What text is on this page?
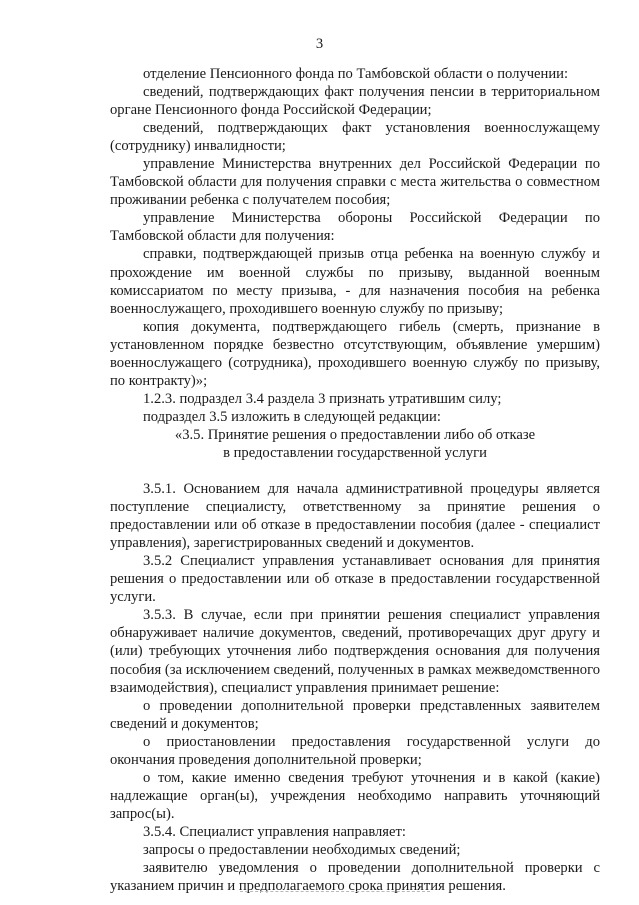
3

отделение Пенсионного фонда по Тамбовской области о получении:

сведений, подтверждающих факт получения пенсии в территориальном органе Пенсионного фонда Российской Федерации;

сведений, подтверждающих факт установления военнослужащему (сотруднику) инвалидности;

управление Министерства внутренних дел Российской Федерации по Тамбовской области для получения справки с места жительства о совместном проживании ребенка с получателем пособия;

управление Министерства обороны Российской Федерации по Тамбовской области для получения:

справки, подтверждающей призыв отца ребенка на военную службу и прохождение им военной службы по призыву, выданной военным комиссариатом по месту призыва, - для назначения пособия на ребенка военнослужащего, проходившего военную службу по призыву;

копия документа, подтверждающего гибель (смерть, признание в установленном порядке безвестно отсутствующим, объявление умершим) военнослужащего (сотрудника), проходившего военную службу по призыву, по контракту)»;

1.2.3. подраздел 3.4 раздела 3 признать утратившим силу;

подраздел 3.5 изложить в следующей редакции:

«3.5. Принятие решения о предоставлении либо об отказе

в предоставлении государственной услуги

3.5.1. Основанием для начала административной процедуры является поступление специалисту, ответственному за принятие решения о предоставлении или об отказе в предоставлении пособия (далее - специалист управления), зарегистрированных сведений и документов.

3.5.2 Специалист управления устанавливает основания для принятия решения о предоставлении или об отказе в предоставлении государственной услуги.

3.5.3. В случае, если при принятии решения специалист управления обнаруживает наличие документов, сведений, противоречащих друг другу и (или) требующих уточнения либо подтверждения основания для получения пособия (за исключением сведений, полученных в рамках межведомственного взаимодействия), специалист управления принимает решение:

о проведении дополнительной проверки представленных заявителем сведений и документов;

о приостановлении предоставления государственной услуги до окончания проведения дополнительной проверки;

о том, какие именно сведения требуют уточнения и в какой (какие) надлежащие орган(ы), учреждения необходимо направить уточняющий запрос(ы).

3.5.4. Специалист управления направляет:

запросы о предоставлении необходимых сведений;

заявителю уведомления о проведении дополнительной проверки с указанием причин и предполагаемого срока принятия решения.
